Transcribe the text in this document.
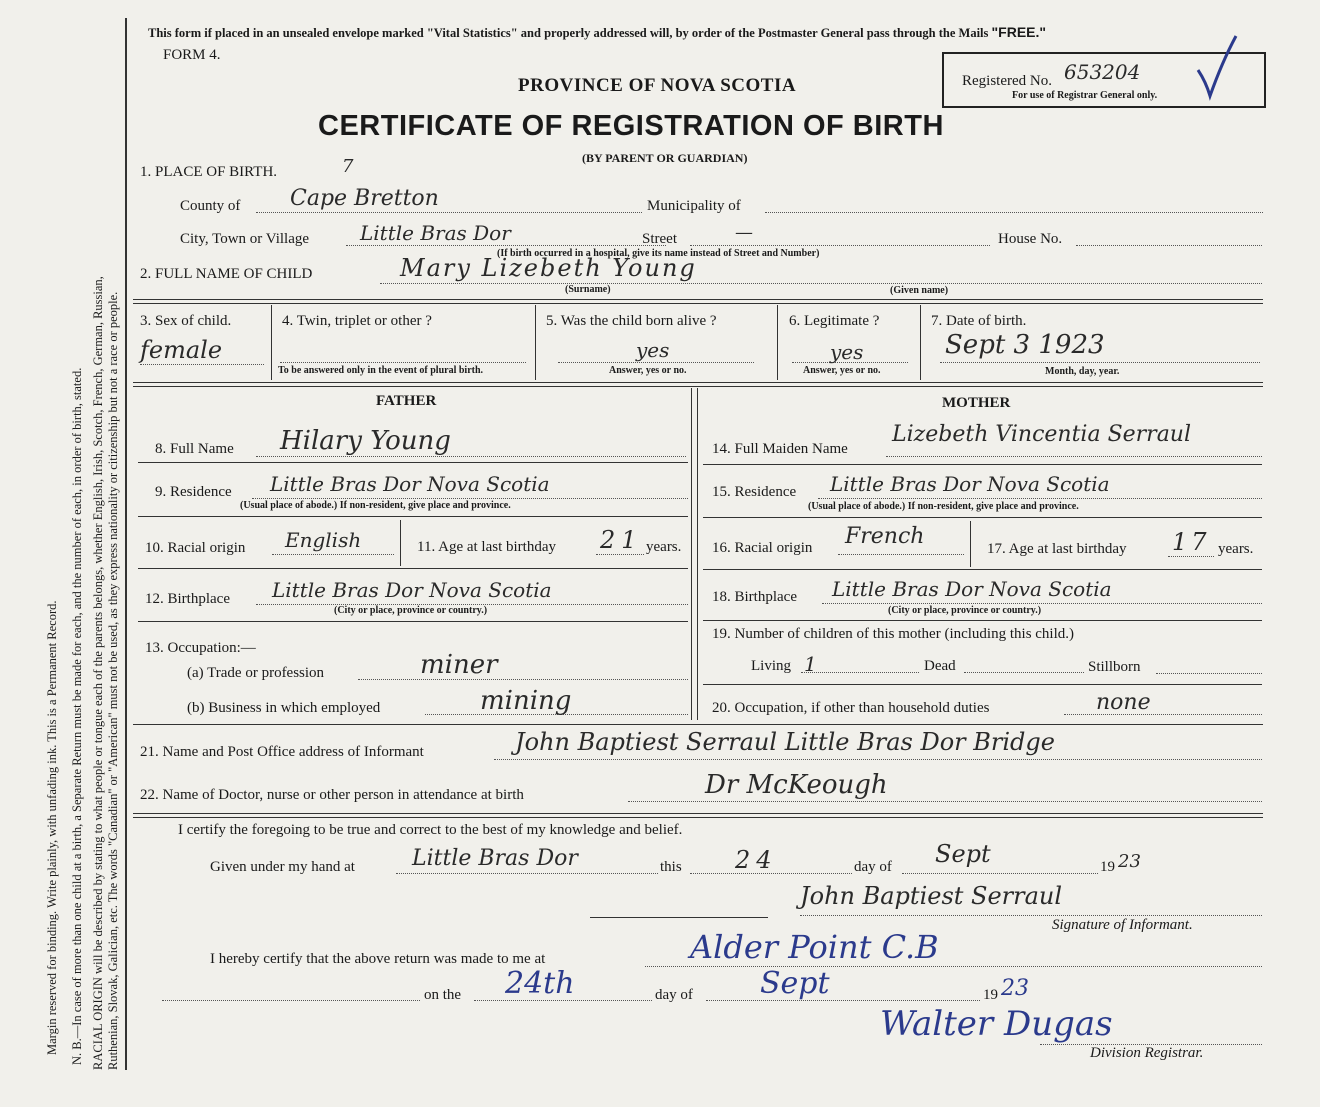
Margin reserved for binding. Write plainly, with unfading ink. This is a Permanent Record. N. B.—In case of more than one child at a birth, a Separate Return must be made for each, and the number of each, in order of birth, stated. RACIAL ORIGIN will be described by stating to what people or tongue each of the parents belongs, whether English, Irish, Scotch, French, German, Russian, Ruthenian, Slovak, Galician, etc. The words "Canadian" or "American" must not be used, as they express nationality or citizenship but not a race or people.
This form if placed in an unsealed envelope marked "Vital Statistics" and properly addressed will, by order of the Postmaster General pass through the Mails "FREE."
FORM 4.
PROVINCE OF NOVA SCOTIA
CERTIFICATE OF REGISTRATION OF BIRTH
(BY PARENT OR GUARDIAN)
Registered No. 653204
For use of Registrar General only.
1. PLACE OF BIRTH.	7
County of Cape Bretton	Municipality of
City, Town or Village	Little Bras Dor	Street	—	House No.
(If birth occurred in a hospital, give its name instead of Street and Number)
2. FULL NAME OF CHILD	Mary Lizebeth Young
(Surname)	(Given name)
3. Sex of child.
female
4. Twin, triplet or other ?
To be answered only in the event of plural birth.
5. Was the child born alive ?
yes
Answer, yes or no.
6. Legitimate ?
yes
Answer, yes or no.
7. Date of birth.
Sept 3 1923
Month, day, year.
FATHER
8. Full Name Hilary Young
9. Residence Little Bras Dor Nova Scotia
(Usual place of abode.) If non-resident, give place and province.
10. Racial origin English	11. Age at last birthday 21 years.
12. Birthplace Little Bras Dor Nova Scotia
(City or place, province or country.)
13. Occupation:—
(a) Trade or profession	miner
(b) Business in which employed	mining
MOTHER
14. Full Maiden Name
Lizebeth Vincentia Serraul
15. Residence Little Bras Dor Nova Scotia
(Usual place of abode.) If non-resident, give place and province.
16. Racial origin French	17. Age at last birthday 17 years.
18. Birthplace Little Bras Dor Nova Scotia
(City or place, province or country.)
19. Number of children of this mother (including this child.)
Living 1	Dead	Stillborn
20. Occupation, if other than household duties	none
21. Name and Post Office address of Informant	John Baptiest Serraul Little Bras Dor Bridge
22. Name of Doctor, nurse or other person in attendance at birth	Dr McKeough
I certify the foregoing to be true and correct to the best of my knowledge and belief.
Given under my hand at	Little Bras Dor	this 24	day of Sept	19 23
John Baptiest Serraul
Signature of Informant.
I hereby certify that the above return was made to me at	Alder Point C.B
on the 24th	day of Sept	19 23
Walter Dugas
Division Registrar.
